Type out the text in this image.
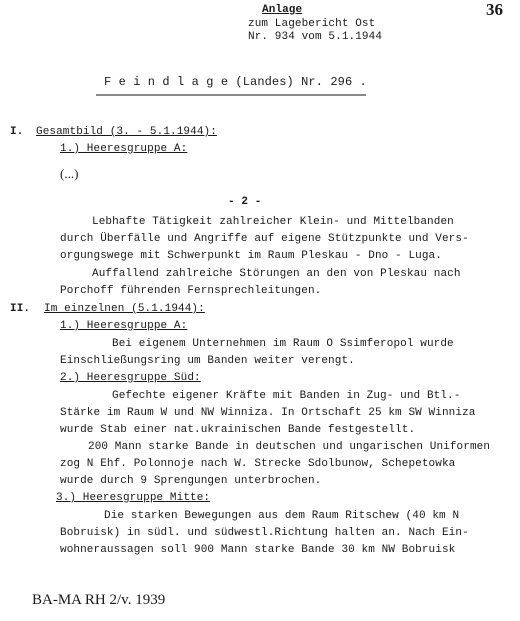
36
Anlage
zum Lagebericht Ost
Nr. 934 vom 5.1.1944
F e i n d l a g e (Landes) Nr. 296 .
I. Gesamtbild (3. - 5.1.1944):
1.) Heeresgruppe A:
(...)
- 2 -
Lebhafte Tätigkeit zahlreicher Klein- und Mittelbanden
durch Überfälle und Angriffe auf eigene Stützpunkte und Vers-
orgungswege mit Schwerpunkt im Raum Pleskau - Dno - Luga.
Auffallend zahlreiche Störungen an den von Pleskau nach
Porchoff führenden Fernsprechleitungen.
II. Im einzelnen (5.1.1944):
1.) Heeresgruppe A:
Bei eigenem Unternehmen im Raum O Ssimferopol wurde
Einschließungsring um Banden weiter verengt.
2.) Heeresgruppe Süd:
Gefechte eigener Kräfte mit Banden in Zug- und Btl.-
Stärke im Raum W und NW Winniza. In Ortschaft 25 km SW Winniza
wurde Stab einer nat.ukrainischen Bande festgestellt.
200 Mann starke Bande in deutschen und ungarischen Uniformen
zog N Ehf. Polonnoje nach W. Strecke Sdolbunow, Schepetowka
wurde durch 9 Sprengungen unterbrochen.
3.) Heeresgruppe Mitte:
Die starken Bewegungen aus dem Raum Ritschew (40 km N
Bobruisk) in südl. und südwestl.Richtung halten an. Nach Ein-
wohneraussagen soll 900 Mann starke Bande 30 km NW Bobruisk
BA-MA RH 2/v. 1939
